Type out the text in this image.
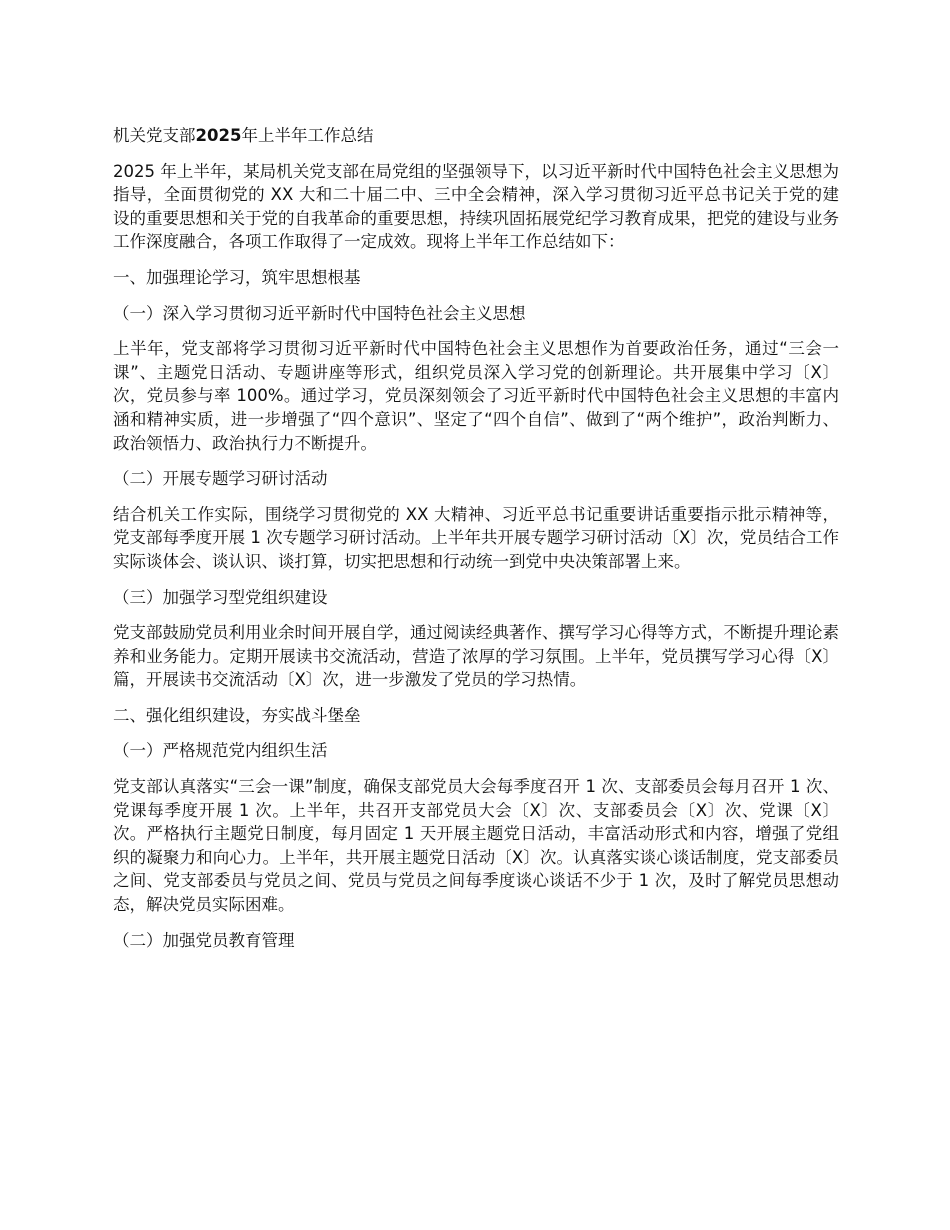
机关党支部2025年上半年工作总结

2025 年上半年，某局机关党支部在局党组的坚强领导下，以习近平新时代中国特色社会主义思想为指导，全面贯彻党的 XX 大和二十届二中、三中全会精神，深入学习贯彻习近平总书记关于党的建设的重要思想和关于党的自我革命的重要思想，持续巩固拓展党纪学习教育成果，把党的建设与业务工作深度融合，各项工作取得了一定成效。现将上半年工作总结如下：

一、加强理论学习，筑牢思想根基

（一）深入学习贯彻习近平新时代中国特色社会主义思想

上半年，党支部将学习贯彻习近平新时代中国特色社会主义思想作为首要政治任务，通过“三会一课”、主题党日活动、专题讲座等形式，组织党员深入学习党的创新理论。共开展集中学习〔X〕次，党员参与率 100%。通过学习，党员深刻领会了习近平新时代中国特色社会主义思想的丰富内涵和精神实质，进一步增强了“四个意识”、坚定了“四个自信”、做到了“两个维护”，政治判断力、政治领悟力、政治执行力不断提升。

（二）开展专题学习研讨活动

结合机关工作实际，围绕学习贯彻党的 XX 大精神、习近平总书记重要讲话重要指示批示精神等，党支部每季度开展 1 次专题学习研讨活动。上半年共开展专题学习研讨活动〔X〕次，党员结合工作实际谈体会、谈认识、谈打算，切实把思想和行动统一到党中央决策部署上来。

（三）加强学习型党组织建设

党支部鼓励党员利用业余时间开展自学，通过阅读经典著作、撰写学习心得等方式，不断提升理论素养和业务能力。定期开展读书交流活动，营造了浓厚的学习氛围。上半年，党员撰写学习心得〔X〕篇，开展读书交流活动〔X〕次，进一步激发了党员的学习热情。

二、强化组织建设，夯实战斗堡垒

（一）严格规范党内组织生活

党支部认真落实“三会一课”制度，确保支部党员大会每季度召开 1 次、支部委员会每月召开 1 次、党课每季度开展 1 次。上半年，共召开支部党员大会〔X〕次、支部委员会〔X〕次、党课〔X〕次。严格执行主题党日制度，每月固定 1 天开展主题党日活动，丰富活动形式和内容，增强了党组织的凝聚力和向心力。上半年，共开展主题党日活动〔X〕次。认真落实谈心谈话制度，党支部委员之间、党支部委员与党员之间、党员与党员之间每季度谈心谈话不少于 1 次，及时了解党员思想动态，解决党员实际困难。

（二）加强党员教育管理
